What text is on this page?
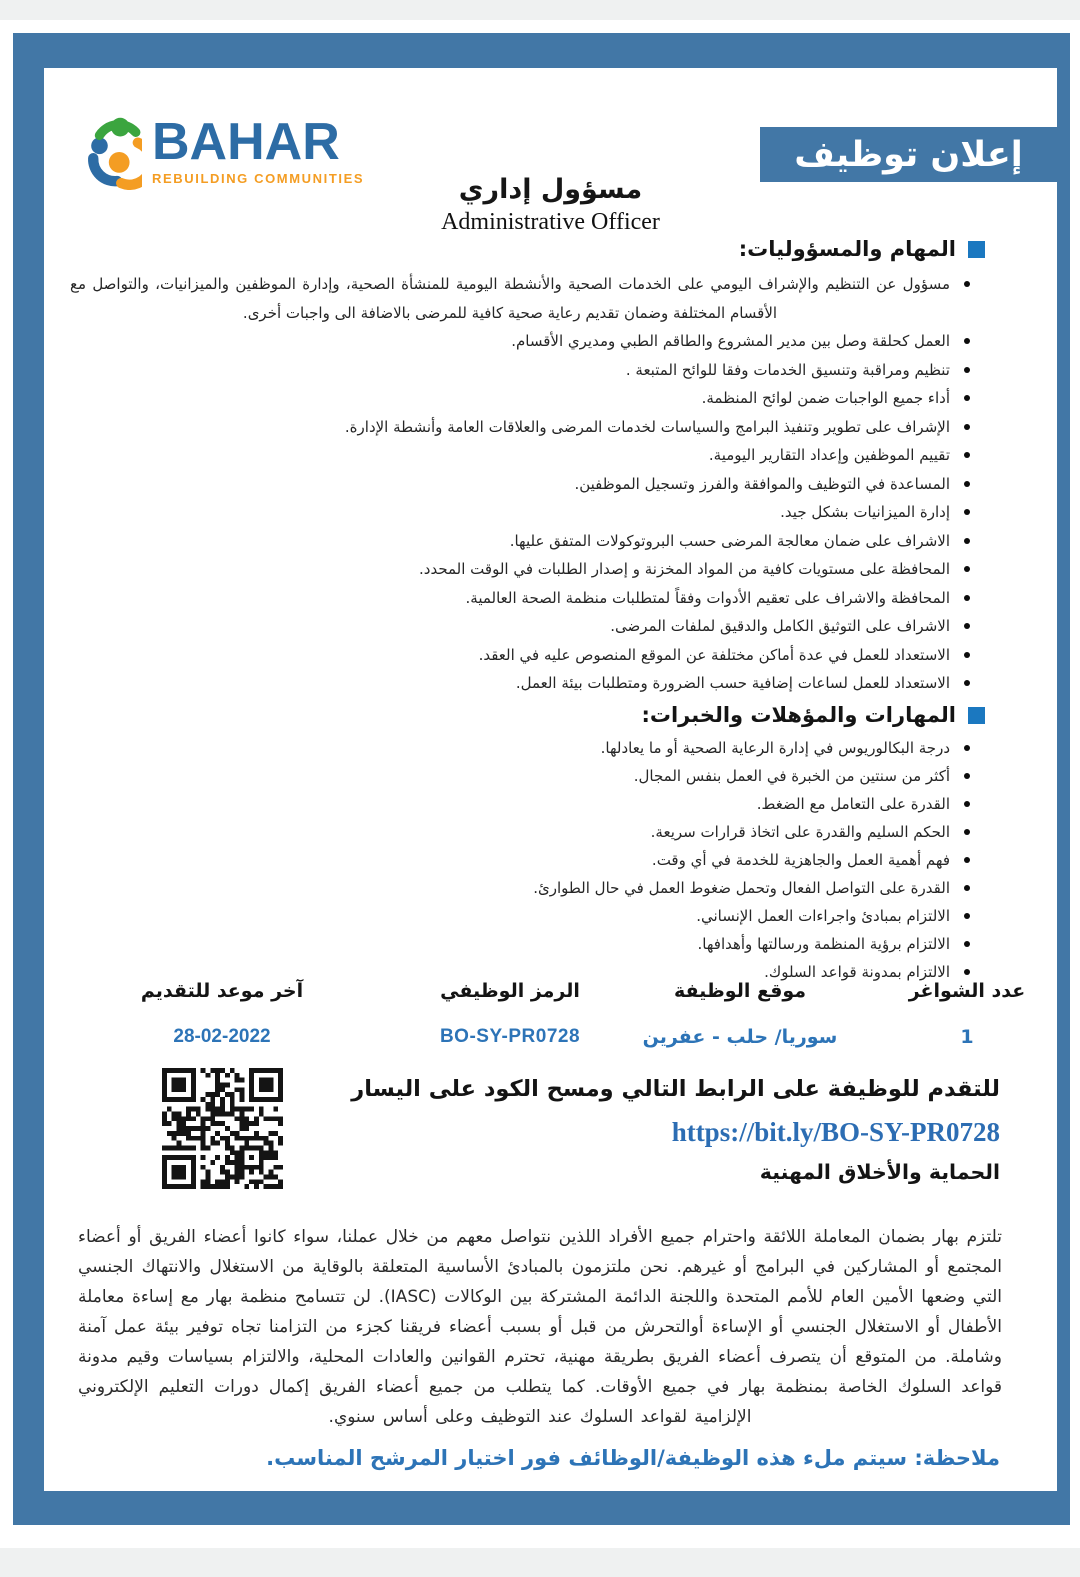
BAHAR
REBUILDING COMMUNITIES
إعلان توظيف
مسؤول إداري
Administrative Officer
المهام والمسؤوليات:
مسؤول عن التنظيم والإشراف اليومي على الخدمات الصحية والأنشطة اليومية للمنشأة الصحية، وإدارة الموظفين والميزانيات، والتواصل مع الأقسام المختلفة وضمان تقديم رعاية صحية كافية للمرضى بالاضافة الى واجبات أخرى.
العمل كحلقة وصل بين مدير المشروع والطاقم الطبي ومديري الأقسام.
تنظيم ومراقبة وتنسيق الخدمات وفقا للوائح المتبعة .
أداء جميع الواجبات ضمن لوائح المنظمة.
الإشراف على تطوير وتنفيذ البرامج والسياسات لخدمات المرضى والعلاقات العامة وأنشطة الإدارة.
تقييم الموظفين وإعداد التقارير اليومية.
المساعدة في التوظيف والموافقة والفرز وتسجيل الموظفين.
إدارة الميزانيات بشكل جيد.
الاشراف على ضمان معالجة المرضى حسب البروتوكولات المتفق عليها.
المحافظة على مستويات كافية من المواد المخزنة و إصدار الطلبات في الوقت المحدد.
المحافظة والاشراف على تعقيم الأدوات وفقاً لمتطلبات منظمة الصحة العالمية.
الاشراف على التوثيق الكامل والدقيق لملفات المرضى.
الاستعداد للعمل في عدة أماكن مختلفة عن الموقع المنصوص عليه في العقد.
الاستعداد للعمل لساعات إضافية حسب الضرورة ومتطلبات بيئة العمل.
المهارات والمؤهلات والخبرات:
درجة البكالوريوس في إدارة الرعاية الصحية أو ما يعادلها.
أكثر من سنتين من الخبرة في العمل بنفس المجال.
القدرة على التعامل مع الضغط.
الحكم السليم والقدرة على اتخاذ قرارات سريعة.
فهم أهمية العمل والجاهزية للخدمة في أي وقت.
القدرة على التواصل الفعال وتحمل ضغوط العمل في حال الطوارئ.
الالتزام بمبادئ واجراءات العمل الإنساني.
الالتزام برؤية المنظمة ورسالتها وأهدافها.
الالتزام بمدونة قواعد السلوك.
عدد الشواغر
موقع الوظيفة
الرمز الوظيفي
آخر موعد للتقديم
1
سوريا/ حلب - عفرين
BO-SY-PR0728
28-02-2022
للتقدم للوظيفة على الرابط التالي ومسح الكود على اليسار
https://bit.ly/BO-SY-PR0728
الحماية والأخلاق المهنية

تلتزم بهار بضمان المعاملة اللائقة واحترام جميع الأفراد اللذين نتواصل معهم من خلال عملنا، سواء كانوا أعضاء الفريق أو أعضاء المجتمع أو المشاركين في البرامج أو غيرهم. نحن ملتزمون بالمبادئ الأساسية المتعلقة بالوقاية من الاستغلال والانتهاك الجنسي التي وضعها الأمين العام للأمم المتحدة واللجنة الدائمة المشتركة بين الوكالات (IASC). لن تتسامح منظمة بهار مع إساءة معاملة الأطفال أو الاستغلال الجنسي أو الإساءة أوالتحرش من قبل أو بسبب أعضاء فريقنا كجزء من التزامنا تجاه توفير بيئة عمل آمنة وشاملة. من المتوقع أن يتصرف أعضاء الفريق بطريقة مهنية، تحترم القوانين والعادات المحلية، والالتزام بسياسات وقيم مدونة قواعد السلوك الخاصة بمنظمة بهار في جميع الأوقات. كما يتطلب من جميع أعضاء الفريق إكمال دورات التعليم الإلكتروني الإلزامية لقواعد السلوك عند التوظيف وعلى أساس سنوي.

ملاحظة: سيتم ملء هذه الوظيفة/الوظائف فور اختيار المرشح المناسب.
